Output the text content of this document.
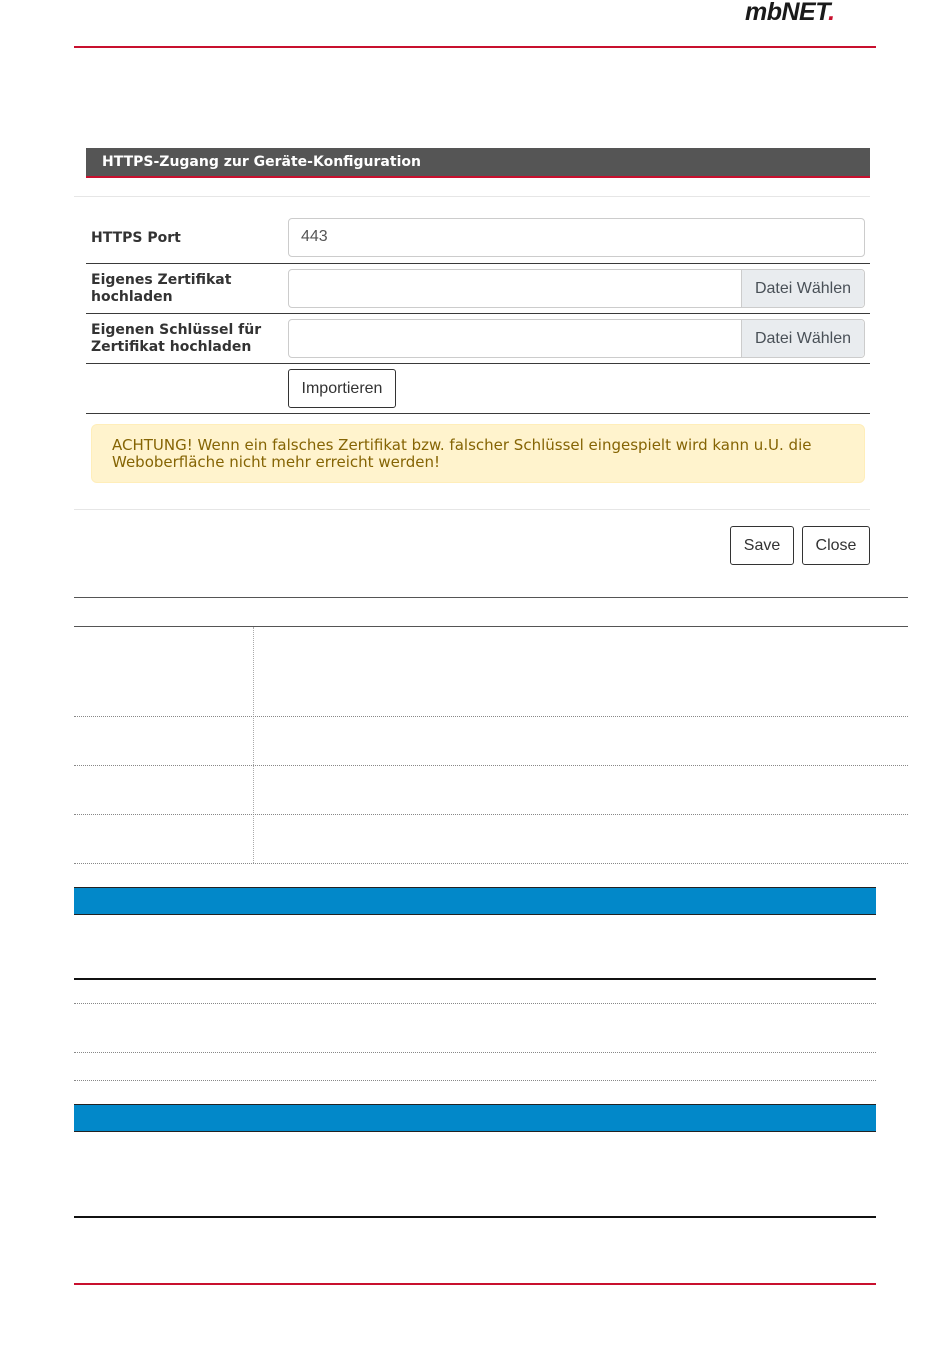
mbNET.
HTTPS-Zugang zur Geräte-Konfiguration
HTTPS Port	443
Eigenes Zertifikat
hochladen
Datei Wählen
Eigenen Schlüssel für
Zertifikat hochladen
Datei Wählen
Importieren
ACHTUNG! Wenn ein falsches Zertifikat bzw. falscher Schlüssel eingespielt wird kann u.U. die Weboberfläche nicht mehr erreicht werden!
Save	Close
